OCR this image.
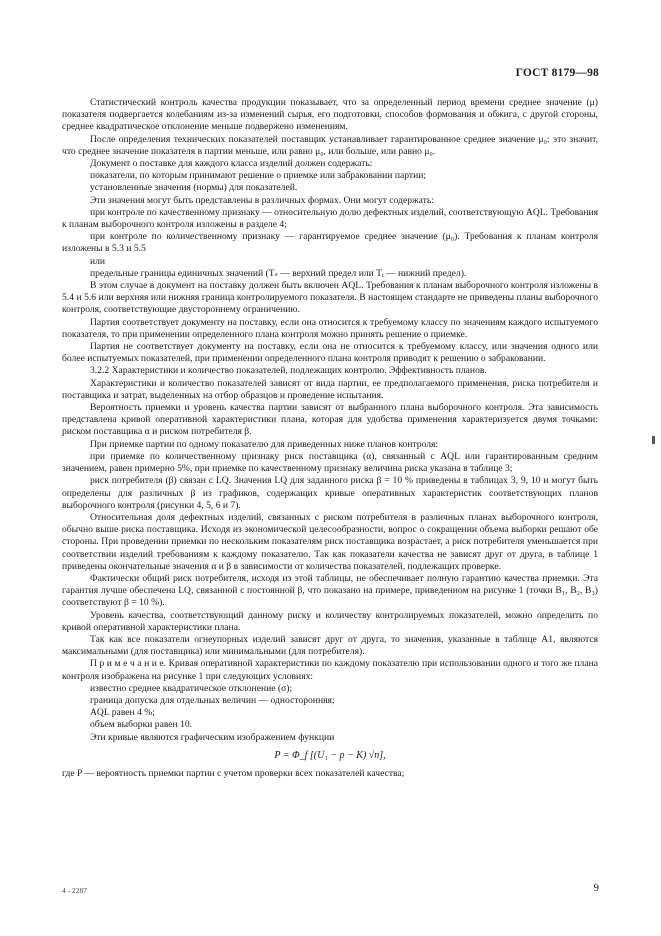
ГОСТ 8179—98

Статистический контроль качества продукции показывает, что за определенный период времени среднее значение (μ) показателя подвергается колебаниям из-за изменений сырья, его подготовки, способов формования и обжига, с другой стороны, среднее квадратическое отклонение меньше подвержено изменениям.

После определения технических показателей поставщик устанавливает гарантированное среднее значение μ₀: это значит, что среднее значение показателя в партии меньше, или равно μ₀, или больше, или равно μ₀.

Документ о поставке для каждого класса изделий должен содержать:

показатели, по которым принимают решение о приемке или забраковании партии;

установленные значения (нормы) для показателей.

Эти значения могут быть представлены в различных формах. Они могут содержать:

при контроле по качественному признаку — относительную долю дефектных изделий, соответствующую AQL. Требования к планам выборочного контроля изложены в разделе 4;

при контроле по количественному признаку — гарантируемое среднее значение (μ₀). Требования к планам контроля изложены в 5.3 и 5.5

или

предельные границы единичных значений (Tₛ — верхний предел или Tᵢ — нижний предел).

В этом случае в документ на поставку должен быть включен AQL. Требования к планам выборочного контроля изложены в 5.4 и 5.6 или верхняя или нижняя граница контролируемого показателя. В настоящем стандарте не приведены планы выборочного контроля, соответствующие двустороннему ограничению.

Партия соответствует документу на поставку, если она относится к требуемому классу по значениям каждого испытуемого показателя, то при применении определенного плана контроля можно принять решение о приемке.

Партия не соответствует документу на поставку, если она не относится к требуемому классу, или значения одного или более испытуемых показателей, при применении определенного плана контроля приводят к решению о забраковании.

3.2.2 Характеристики и количество показателей, подлежащих контролю. Эффективность планов.

Характеристики и количество показателей зависят от вида партии, ее предполагаемого применения, риска потребителя и поставщика и затрат, выделенных на отбор образцов и проведение испытания.

Вероятность приемки и уровень качества партии зависят от выбранного плана выборочного контроля. Эта зависимость представлена кривой оперативной характеристики плана, которая для удобства применения характеризуется двумя точками: риском поставщика α и риском потребителя β.

При приемке партии по одному показателю для приведенных ниже планов контроля:

при приемке по количественному признаку риск поставщика (α), связанный с AQL или гарантированным средним значением, равен примерно 5%, при приемке по качественному признаку величина риска указана в таблице 3;

риск потребителя (β) связан с LQ. Значения LQ для заданного риска β = 10 % приведены в таблицах 3, 9, 10 и могут быть определены для различных β из графиков, содержащих кривые оперативных характеристик соответствующих планов выборочного контроля (рисунки 4, 5, 6 и 7).

Относительная доля дефектных изделий, связанных с риском потребителя в различных планах выборочного контроля, обычно выше риска поставщика. Исходя из экономической целесообразности, вопрос о сокращении объема выборки решают обе стороны. При проведении приемки по нескольким показателям риск поставщика возрастает, а риск потребителя уменьшается при соответствии изделий требованиям к каждому показателю. Так как показатели качества не зависят друг от друга, в таблице 1 приведены окончательные значения α и β в зависимости от количества показателей, подлежащих проверке.

Фактически общий риск потребителя, исходя из этой таблицы, не обеспечивает полную гарантию качества приемки. Эта гарантия лучше обеспечена LQ, связанной с постоянной β, что показано на примере, приведенном на рисунке 1 (точки B₁, B₂, B₃) соответствуют β = 10 %).

Уровень качества, соответствующий данному риску и количеству контролируемых показателей, можно определить по кривой оперативной характеристики плана.

Так как все показатели огнеупорных изделий зависят друг от друга, то значения, указанные в таблице А1, являются максимальными (для поставщика) или минимальными (для потребителя).

П р и м е ч а н и е. Кривая оперативной характеристики по каждому показателю при использовании одного и того же плана контроля изображена на рисунке 1 при следующих условиях:

известно среднее квадратическое отклонение (σ);

граница допуска для отдельных величин — односторонняя;

AQL равен 4 %;

объем выборки равен 10.

Эти кривые являются графическим изображением функции

P = Φ_f [(U₁ − p − K) √n],

где P — вероятность приемки партии с учетом проверки всех показателей качества;

4 - 2287	9
